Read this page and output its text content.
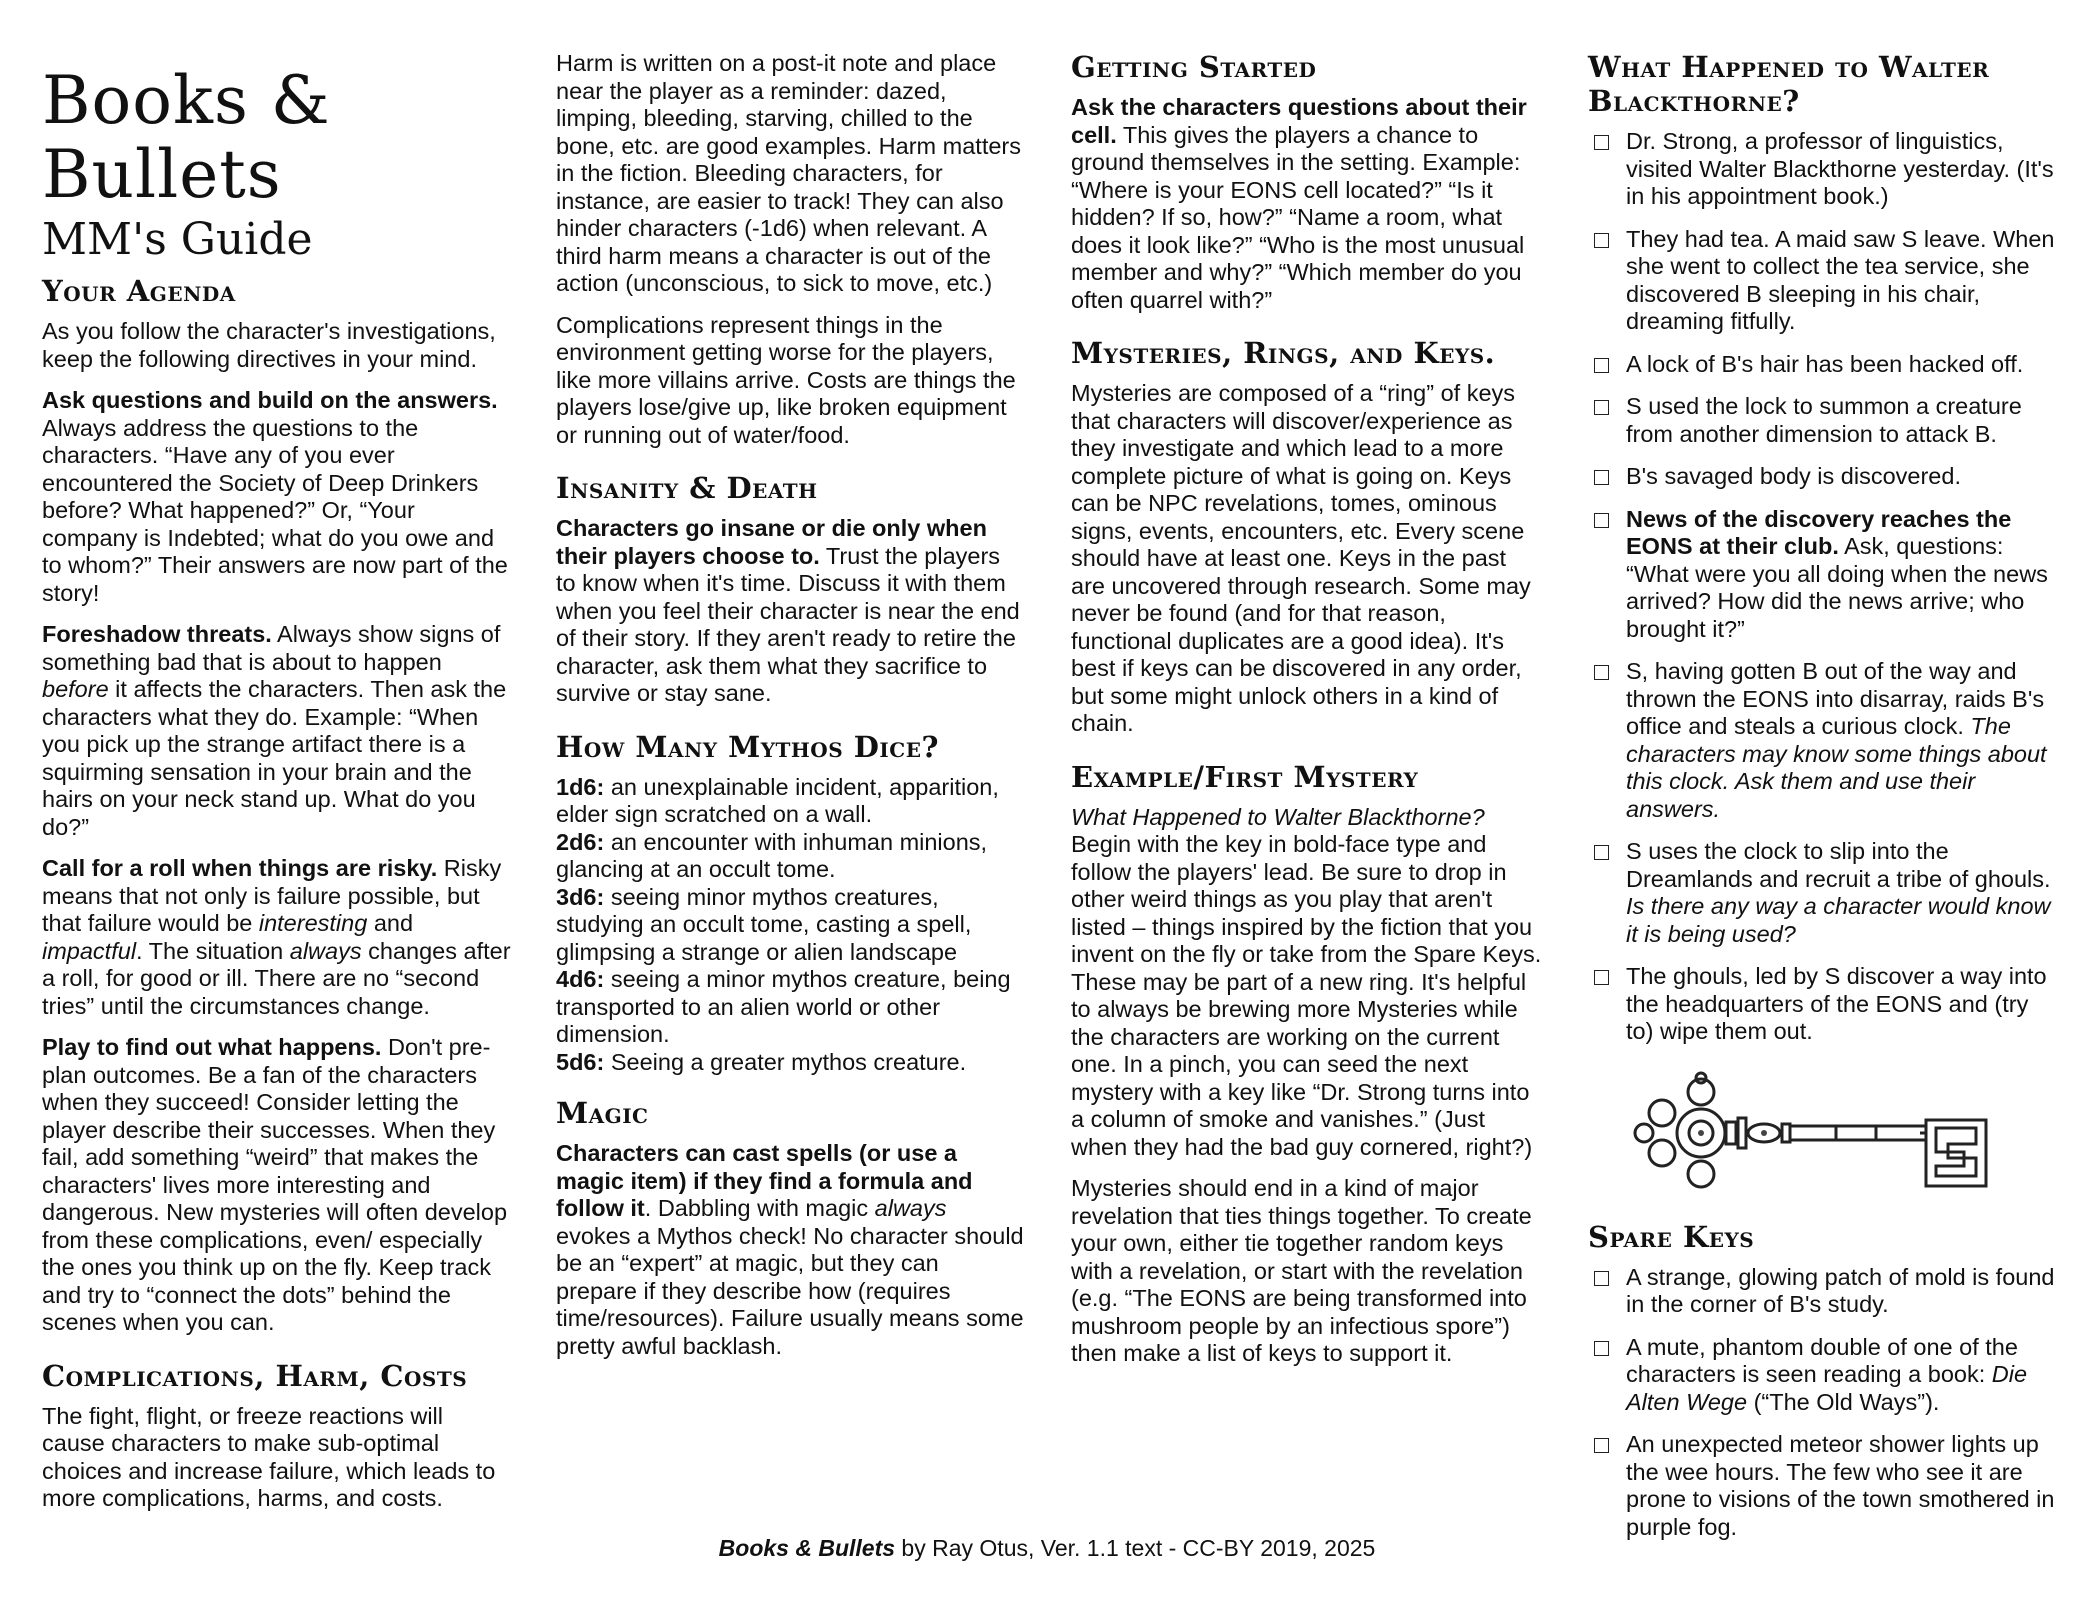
Books & Bullets
MM's Guide
Your Agenda

As you follow the character's investigations, keep the following directives in your mind.

Ask questions and build on the answers. Always address the questions to the characters. “Have any of you ever encountered the Society of Deep Drinkers before? What happened?” Or, “Your company is Indebted; what do you owe and to whom?” Their answers are now part of the story!

Foreshadow threats. Always show signs of something bad that is about to happen before it affects the characters. Then ask the characters what they do. Example: “When you pick up the strange artifact there is a squirming sensation in your brain and the hairs on your neck stand up. What do you do?”

Call for a roll when things are risky. Risky means that not only is failure possible, but that failure would be interesting and impactful. The situation always changes after a roll, for good or ill. There are no “second tries” until the circumstances change.

Play to find out what happens. Don't pre-plan outcomes. Be a fan of the characters when they succeed! Consider letting the player describe their successes. When they fail, add something “weird” that makes the characters' lives more interesting and dangerous. New mysteries will often develop from these complications, even/ especially the ones you think up on the fly. Keep track and try to “connect the dots” behind the scenes when you can.

Complications, Harm, Costs

The fight, flight, or freeze reactions will cause characters to make sub-optimal choices and increase failure, which leads to more complications, harms, and costs.

Harm is written on a post-it note and place near the player as a reminder: dazed, limping, bleeding, starving, chilled to the bone, etc. are good examples. Harm matters in the fiction. Bleeding characters, for instance, are easier to track! They can also hinder characters (-1d6) when relevant. A third harm means a character is out of the action (unconscious, to sick to move, etc.)

Complications represent things in the environment getting worse for the players, like more villains arrive. Costs are things the players lose/give up, like broken equipment or running out of water/food.

Insanity & Death

Characters go insane or die only when their players choose to. Trust the players to know when it's time. Discuss it with them when you feel their character is near the end of their story. If they aren't ready to retire the character, ask them what they sacrifice to survive or stay sane.

How Many Mythos Dice?

1d6: an unexplainable incident, apparition, elder sign scratched on a wall.

2d6: an encounter with inhuman minions, glancing at an occult tome.

3d6: seeing minor mythos creatures, studying an occult tome, casting a spell, glimpsing a strange or alien landscape

4d6: seeing a minor mythos creature, being transported to an alien world or other dimension.

5d6: Seeing a greater mythos creature.

Magic

Characters can cast spells (or use a magic item) if they find a formula and follow it. Dabbling with magic always evokes a Mythos check! No character should be an “expert” at magic, but they can prepare if they describe how (requires time/resources). Failure usually means some pretty awful backlash.

Getting Started

Ask the characters questions about their cell. This gives the players a chance to ground themselves in the setting. Example: “Where is your EONS cell located?” “Is it hidden? If so, how?” “Name a room, what does it look like?” “Who is the most unusual member and why?” “Which member do you often quarrel with?”

Mysteries, Rings, and Keys.

Mysteries are composed of a “ring” of keys that characters will discover/experience as they investigate and which lead to a more complete picture of what is going on. Keys can be NPC revelations, tomes, ominous signs, events, encounters, etc. Every scene should have at least one. Keys in the past are uncovered through research. Some may never be found (and for that reason, functional duplicates are a good idea). It's best if keys can be discovered in any order, but some might unlock others in a kind of chain.

Example/First Mystery

What Happened to Walter Blackthorne? Begin with the key in bold-face type and follow the players' lead. Be sure to drop in other weird things as you play that aren't listed – things inspired by the fiction that you invent on the fly or take from the Spare Keys. These may be part of a new ring. It's helpful to always be brewing more Mysteries while the characters are working on the current one. In a pinch, you can seed the next mystery with a key like “Dr. Strong turns into a column of smoke and vanishes.” (Just when they had the bad guy cornered, right?)

Mysteries should end in a kind of major revelation that ties things together. To create your own, either tie together random keys with a revelation, or start with the revelation (e.g. “The EONS are being transformed into mushroom people by an infectious spore”) then make a list of keys to support it.

What Happened to Walter Blackthorne?
Dr. Strong, a professor of linguistics, visited Walter Blackthorne yesterday. (It's in his appointment book.)
They had tea. A maid saw S leave. When she went to collect the tea service, she discovered B sleeping in his chair, dreaming fitfully.
A lock of B's hair has been hacked off.
S used the lock to summon a creature from another dimension to attack B.
B's savaged body is discovered.
News of the discovery reaches the EONS at their club. Ask, questions: “What were you all doing when the news arrived? How did the news arrive; who brought it?”
S, having gotten B out of the way and thrown the EONS into disarray, raids B's office and steals a curious clock. The characters may know some things about this clock. Ask them and use their answers.
S uses the clock to slip into the Dreamlands and recruit a tribe of ghouls. Is there any way a character would know it is being used?
The ghouls, led by S discover a way into the headquarters of the EONS and (try to) wipe them out.
Spare Keys
A strange, glowing patch of mold is found in the corner of B's study.
A mute, phantom double of one of the characters is seen reading a book: Die Alten Wege (“The Old Ways”).
An unexpected meteor shower lights up the wee hours. The few who see it are prone to visions of the town smothered in purple fog.
Books & Bullets by Ray Otus, Ver. 1.1 text - CC-BY 2019, 2025
